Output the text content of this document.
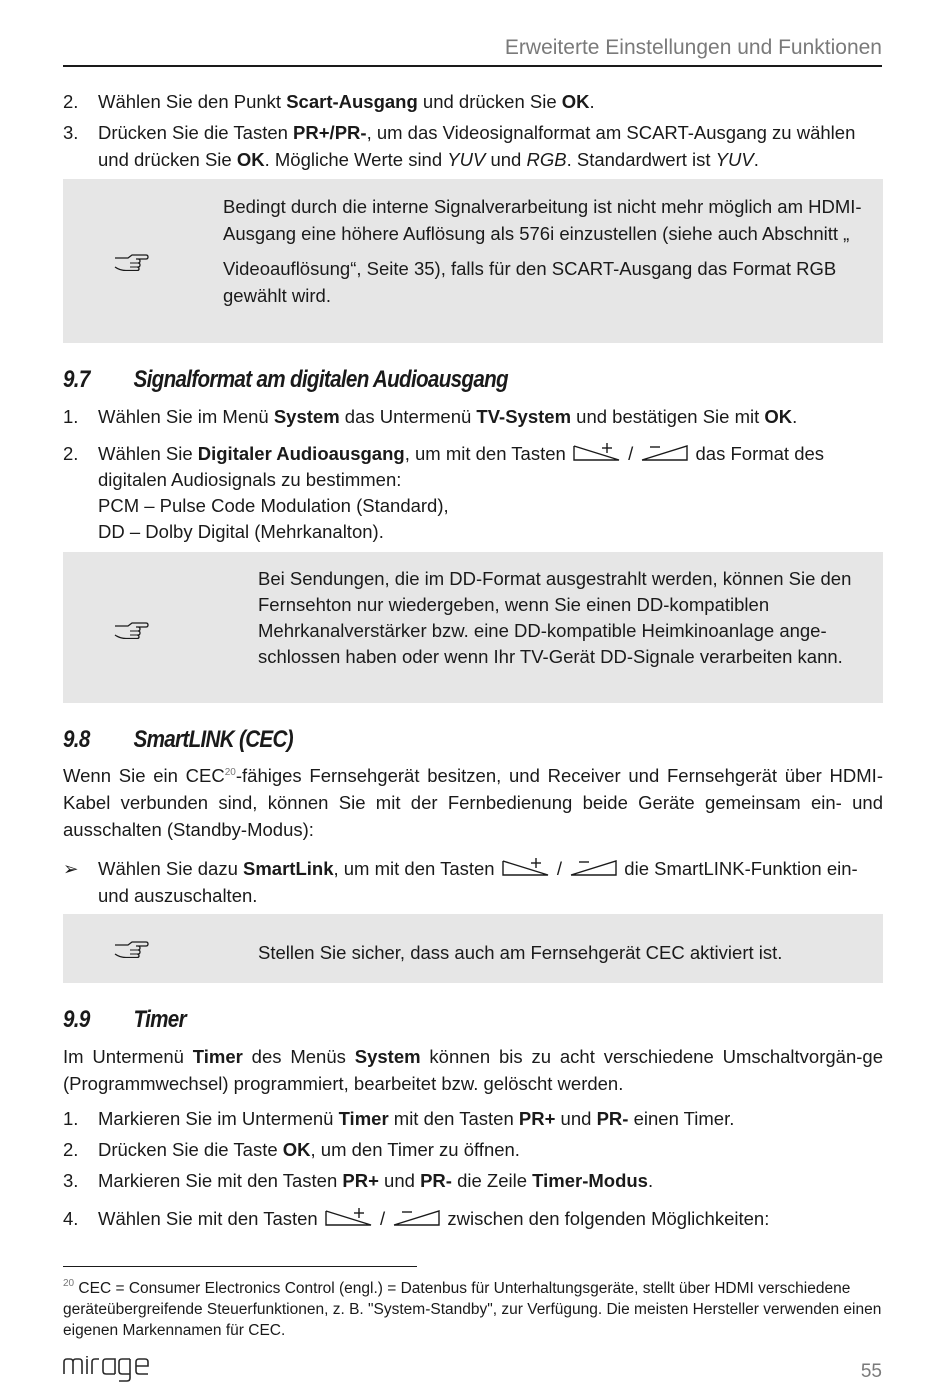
Erweiterte Einstellungen und Funktionen
2. Wählen Sie den Punkt Scart-Ausgang und drücken Sie OK.
3. Drücken Sie die Tasten PR+/PR-, um das Videosignalformat am SCART-Ausgang zu wählen und drücken Sie OK. Mögliche Werte sind YUV und RGB. Standardwert ist YUV.

Bedingt durch die interne Signalverarbeitung ist nicht mehr möglich am HDMI-Ausgang eine höhere Auflösung als 576i einzustellen (siehe auch Abschnitt „

Videoauflösung“, Seite 35), falls für den SCART-Ausgang das Format RGB gewählt wird.

9.7 Signalformat am digitalen Audioausgang
1. Wählen Sie im Menü System das Untermenü TV-System und bestätigen Sie mit OK.
2. Wählen Sie Digitaler Audioausgang, um mit den Tasten	/	das Format des digitalen Audiosignals zu bestimmen:
PCM – Pulse Code Modulation (Standard),
DD – Dolby Digital (Mehrkanalton).

Bei Sendungen, die im DD-Format ausgestrahlt werden, können Sie den Fernsehton nur wiedergeben, wenn Sie einen DD-kompatiblen Mehrkanalverstärker bzw. eine DD-kompatible Heimkinoanlage ange-schlossen haben oder wenn Ihr TV-Gerät DD-Signale verarbeiten kann.

9.8 SmartLINK (CEC)
Wenn Sie ein CEC$^{20}$-fähiges Fernsehgerät besitzen, und Receiver und Fernsehgerät über HDMI-Kabel verbunden sind, können Sie mit der Fernbedienung beide Geräte gemeinsam ein- und ausschalten (Standby-Modus):
➢ Wählen Sie dazu SmartLink, um mit den Tasten	/	die SmartLINK-Funktion ein- und auszuschalten.

Stellen Sie sicher, dass auch am Fernsehgerät CEC aktiviert ist.

9.9 Timer
Im Untermenü Timer des Menüs System können bis zu acht verschiedene Umschaltvorgän-ge (Programmwechsel) programmiert, bearbeitet bzw. gelöscht werden.
1. Markieren Sie im Untermenü Timer mit den Tasten PR+ und PR- einen Timer.
2. Drücken Sie die Taste OK, um den Timer zu öffnen.
3. Markieren Sie mit den Tasten PR+ und PR- die Zeile Timer-Modus.
4. Wählen Sie mit den Tasten	/	zwischen den folgenden Möglichkeiten:
$^{20}$ CEC = Consumer Electronics Control (engl.) = Datenbus für Unterhaltungsgeräte, stellt über HDMI verschiedene geräteübergreifende Steuerfunktionen, z. B. "System-Standby", zur Verfügung. Die meisten Hersteller verwenden einen eigenen Markennamen für CEC.
55
